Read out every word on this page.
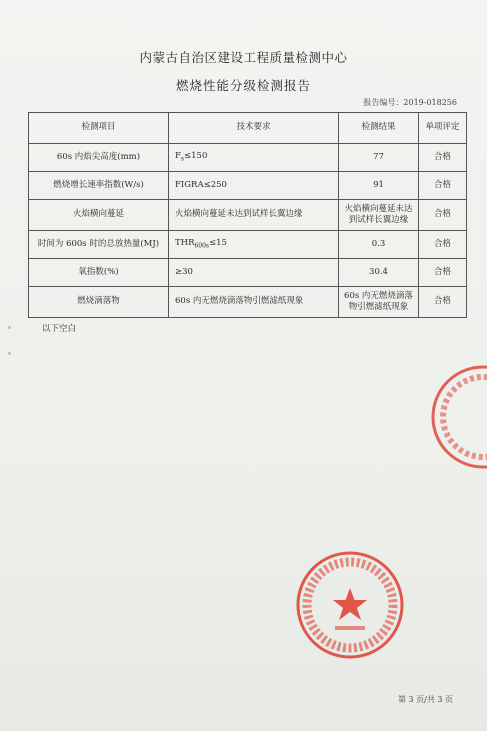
内蒙古自治区建设工程质量检测中心
燃烧性能分级检测报告
报告编号：2019-018256
检测项目	技术要求	检测结果	单项评定
60s 内焰尖高度(mm)	$F_s\le 150$	77	合格
燃烧增长速率指数(W/s)	FIGRA≤250	91	合格
火焰横向蔓延	火焰横向蔓延未达到试样长翼边缘	火焰横向蔓延未达到试样长翼边缘	合格
时间为 600s 时的总放热量(MJ)	$THR_{600s}\le 15$	0.3	合格
氧指数(%)	≥30	30.4	合格
燃烧滴落物	60s 内无燃烧滴落物引燃滤纸现象	60s 内无燃烧滴落物引燃滤纸现象	合格
以下空白
第 3 页/共 3 页
